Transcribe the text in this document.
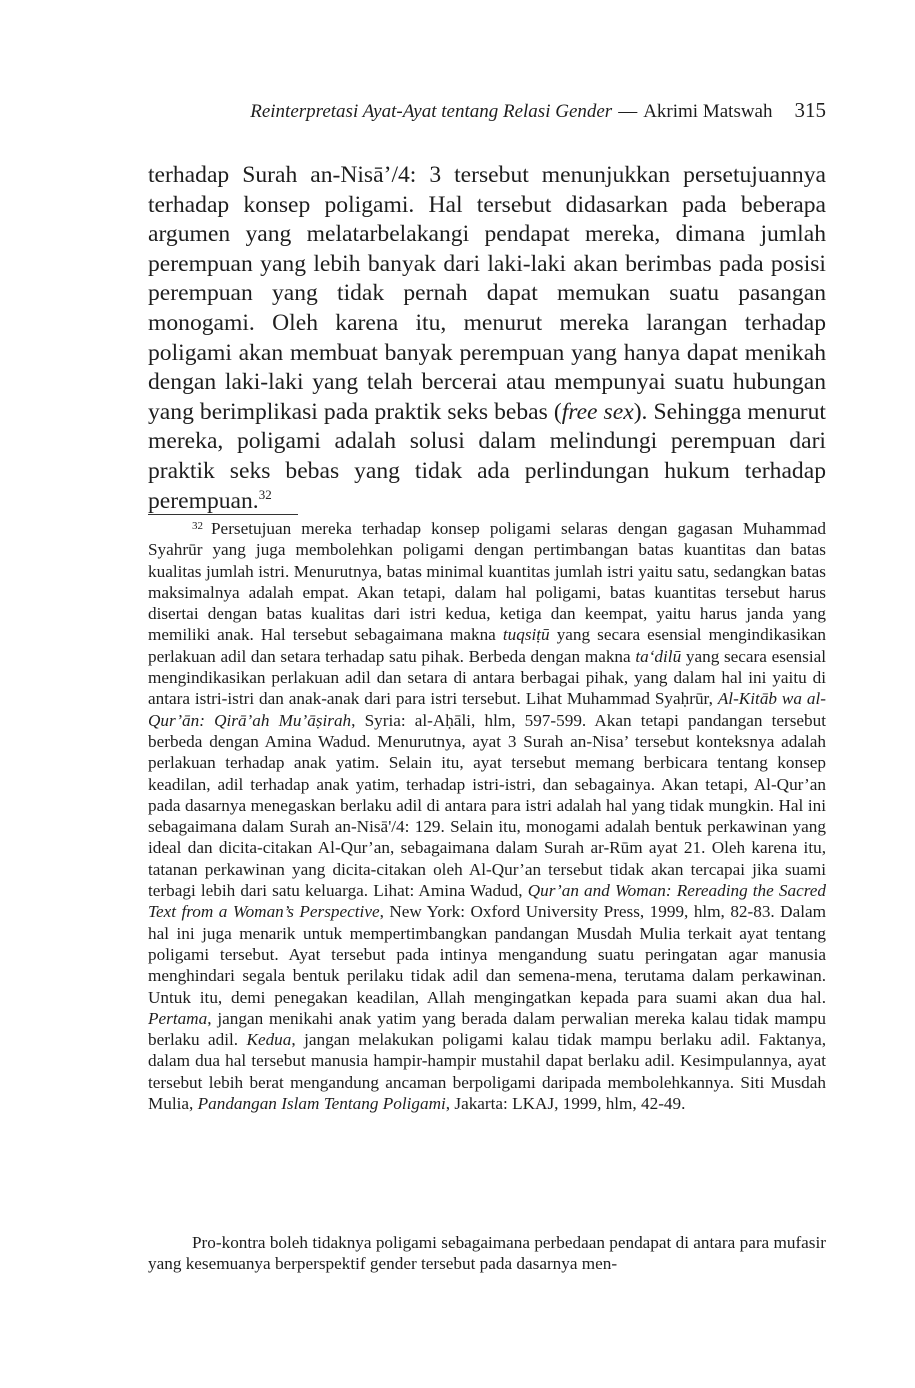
Reinterpretasi Ayat-Ayat tentang Relasi Gender — Akrimi Matswah 315

terhadap Surah an-Nisā’/4: 3 tersebut menunjukkan persetujuannya terhadap konsep poligami. Hal tersebut didasarkan pada beberapa argumen yang melatarbelakangi pendapat mereka, dimana jumlah perempuan yang lebih banyak dari laki-laki akan berimbas pada posisi perempuan yang tidak pernah dapat memukan suatu pasangan monogami. Oleh karena itu, menurut mereka larangan terhadap poligami akan membuat banyak perempuan yang hanya dapat menikah dengan laki-laki yang telah bercerai atau mempunyai suatu hubungan yang berimplikasi pada praktik seks bebas (free sex). Sehingga menurut mereka, poligami adalah solusi dalam melindungi perempuan dari praktik seks bebas yang tidak ada perlindungan hukum terhadap perempuan.$^{32}$

$^{32}$ Persetujuan mereka terhadap konsep poligami selaras dengan gagasan Muhammad Syahrūr yang juga membolehkan poligami dengan pertimbangan batas kuantitas dan batas kualitas jumlah istri. Menurutnya, batas minimal kuantitas jumlah istri yaitu satu, sedangkan batas maksimalnya adalah empat. Akan tetapi, dalam hal poligami, batas kuantitas tersebut harus disertai dengan batas kualitas dari istri kedua, ketiga dan keempat, yaitu harus janda yang memiliki anak. Hal tersebut sebagaimana makna tuqsiṭū yang secara esensial mengindikasikan perlakuan adil dan setara terhadap satu pihak. Berbeda dengan makna ta‘dilū yang secara esensial mengindikasikan perlakuan adil dan setara di antara berbagai pihak, yang dalam hal ini yaitu di antara istri-istri dan anak-anak dari para istri tersebut. Lihat Muhammad Syaḥrūr, Al-Kitāb wa al-Qur’ān: Qirā’ah Mu’āṣirah, Syria: al-Aḥāli, hlm, 597-599. Akan tetapi pandangan tersebut berbeda dengan Amina Wadud. Menurutnya, ayat 3 Surah an-Nisa’ tersebut konteksnya adalah perlakuan terhadap anak yatim. Selain itu, ayat tersebut memang berbicara tentang konsep keadilan, adil terhadap anak yatim, terhadap istri-istri, dan sebagainya. Akan tetapi, Al-Qur’an pada dasarnya menegaskan berlaku adil di antara para istri adalah hal yang tidak mungkin. Hal ini sebagaimana dalam Surah an-Nisā'/4: 129. Selain itu, monogami adalah bentuk perkawinan yang ideal dan dicita-citakan Al-Qur’an, sebagaimana dalam Surah ar-Rūm ayat 21. Oleh karena itu, tatanan perkawinan yang dicita-citakan oleh Al-Qur’an tersebut tidak akan tercapai jika suami terbagi lebih dari satu keluarga. Lihat: Amina Wadud, Qur’an and Woman: Rereading the Sacred Text from a Woman’s Perspective, New York: Oxford University Press, 1999, hlm, 82-83. Dalam hal ini juga menarik untuk mempertimbangkan pandangan Musdah Mulia terkait ayat tentang poligami tersebut. Ayat tersebut pada intinya mengandung suatu peringatan agar manusia menghindari segala bentuk perilaku tidak adil dan semena-mena, terutama dalam perkawinan. Untuk itu, demi penegakan keadilan, Allah mengingatkan kepada para suami akan dua hal. Pertama, jangan menikahi anak yatim yang berada dalam perwalian mereka kalau tidak mampu berlaku adil. Kedua, jangan melakukan poligami kalau tidak mampu berlaku adil. Faktanya, dalam dua hal tersebut manusia hampir-hampir mustahil dapat berlaku adil. Kesimpulannya, ayat tersebut lebih berat mengandung ancaman berpoligami daripada membolehkannya. Siti Musdah Mulia, Pandangan Islam Tentang Poligami, Jakarta: LKAJ, 1999, hlm, 42-49.

Pro-kontra boleh tidaknya poligami sebagaimana perbedaan pendapat di antara para mufasir yang kesemuanya berperspektif gender tersebut pada dasarnya men-
